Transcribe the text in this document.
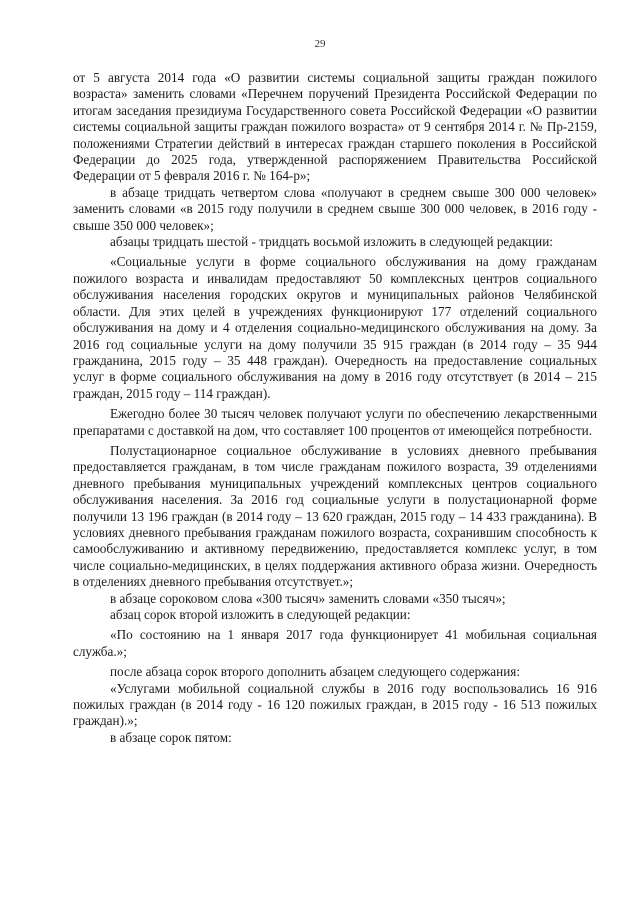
29

от 5 августа 2014 года «О развитии системы социальной защиты граждан пожилого возраста» заменить словами «Перечнем поручений Президента Российской Федерации по итогам заседания президиума Государственного совета Российской Федерации «О развитии системы социальной защиты граждан пожилого возраста» от 9 сентября 2014 г. № Пр-2159, положениями Стратегии действий в интересах граждан старшего поколения в Российской Федерации до 2025 года, утвержденной распоряжением Правительства Российской Федерации от 5 февраля 2016 г. № 164-р»;

в абзаце тридцать четвертом слова «получают в среднем свыше 300 000 человек» заменить словами «в 2015 году получили в среднем свыше 300 000 человек, в 2016 году - свыше 350 000 человек»;

абзацы тридцать шестой - тридцать восьмой изложить в следующей редакции:

«Социальные услуги в форме социального обслуживания на дому гражданам пожилого возраста и инвалидам предоставляют 50 комплексных центров социального обслуживания населения городских округов и муниципальных районов Челябинской области. Для этих целей в учреждениях функционируют 177 отделений социального обслуживания на дому и 4 отделения социально-медицинского обслуживания на дому. За 2016 год социальные услуги на дому получили 35 915 граждан (в 2014 году – 35 944 гражданина, 2015 году – 35 448 граждан). Очередность на предоставление социальных услуг в форме социального обслуживания на дому в 2016 году отсутствует (в 2014 – 215 граждан, 2015 году – 114 граждан).

Ежегодно более 30 тысяч человек получают услуги по обеспечению лекарственными препаратами с доставкой на дом, что составляет 100 процентов от имеющейся потребности.

Полустационарное социальное обслуживание в условиях дневного пребывания предоставляется гражданам, в том числе гражданам пожилого возраста, 39 отделениями дневного пребывания муниципальных учреждений комплексных центров социального обслуживания населения. За 2016 год социальные услуги в полустационарной форме получили 13 196 граждан (в 2014 году – 13 620 граждан, 2015 году – 14 433 гражданина). В условиях дневного пребывания гражданам пожилого возраста, сохранившим способность к самообслуживанию и активному передвижению, предоставляется комплекс услуг, в том числе социально-медицинских, в целях поддержания активного образа жизни. Очередность в отделениях дневного пребывания отсутствует.»;

в абзаце сороковом слова «300 тысяч» заменить словами «350 тысяч»;

абзац сорок второй изложить в следующей редакции:

«По состоянию на 1 января 2017 года функционирует 41 мобильная социальная служба.»;

после абзаца сорок второго дополнить абзацем следующего содержания:

«Услугами мобильной социальной службы в 2016 году воспользовались 16 916 пожилых граждан (в 2014 году - 16 120 пожилых граждан, в 2015 году - 16 513 пожилых граждан).»;

в абзаце сорок пятом:
